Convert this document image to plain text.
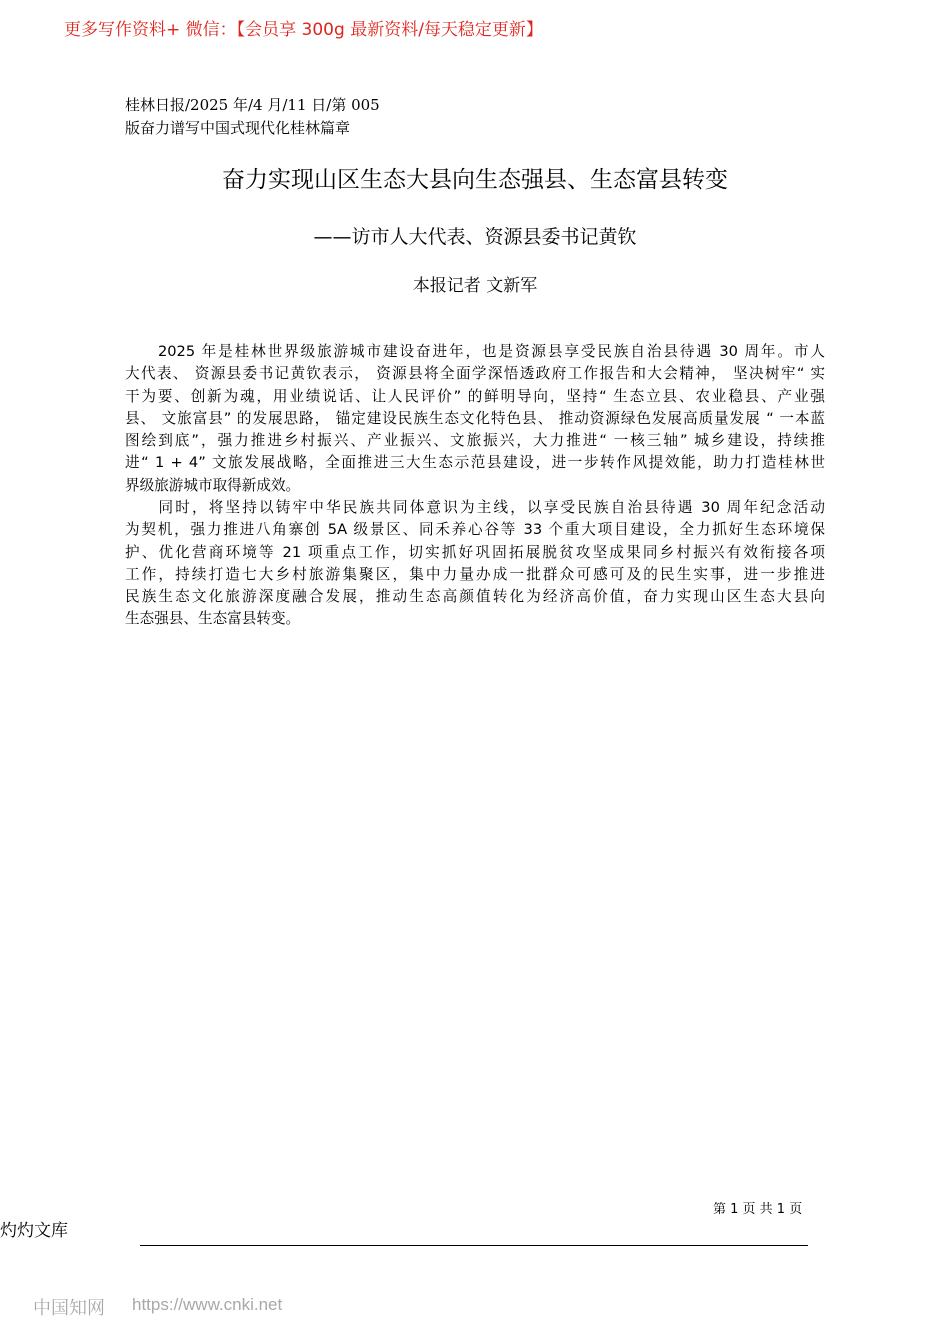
更多写作资料+ 微信：【会员享 300g 最新资料/每天稳定更新】
桂林日报/2025 年/4 月/11 日/第 005
版奋力谱写中国式现代化桂林篇章
奋力实现山区生态大县向生态强县、生态富县转变
——访市人大代表、资源县委书记黄钦
本报记者 文新军
　　2025 年是桂林世界级旅游城市建设奋进年，也是资源县享受民族自治县待遇 30 周年。市人
大代表、 资源县委书记黄钦表示， 资源县将全面学深悟透政府工作报告和大会精神， 坚决树牢“ 实
干为要、创新为魂，用业绩说话、让人民评价” 的鲜明导向，坚持“ 生态立县、农业稳县、产业强
县、 文旅富县” 的发展思路， 锚定建设民族生态文化特色县、 推动资源绿色发展高质量发展 “ 一本蓝
图绘到底”，强力推进乡村振兴、产业振兴、文旅振兴，大力推进“ 一核三轴” 城乡建设，持续推
进“ 1 + 4” 文旅发展战略，全面推进三大生态示范县建设，进一步转作风提效能，助力打造桂林世
界级旅游城市取得新成效。
　　同时，将坚持以铸牢中华民族共同体意识为主线，以享受民族自治县待遇 30 周年纪念活动
为契机，强力推进八角寨创 5A 级景区、同禾养心谷等 33 个重大项目建设，全力抓好生态环境保
护、优化营商环境等 21 项重点工作，切实抓好巩固拓展脱贫攻坚成果同乡村振兴有效衔接各项
工作，持续打造七大乡村旅游集聚区，集中力量办成一批群众可感可及的民生实事，进一步推进
民族生态文化旅游深度融合发展，推动生态高颜值转化为经济高价值，奋力实现山区生态大县向
生态强县、生态富县转变。
第 1 页 共 1 页
灼灼文库
中国知网 https://www.cnki.net
